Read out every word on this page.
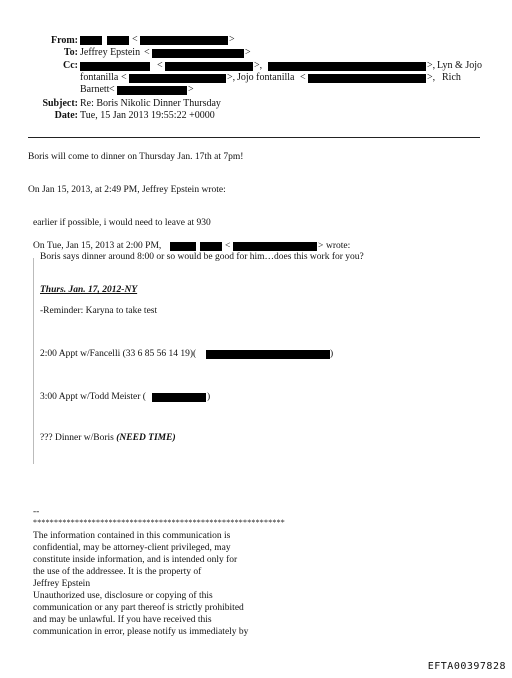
From:	<	>
To: Jeffrey Epstein <	>
Cc:	<	>,	>, Lyn & Jojo
fontanilla <	>, Jojo fontanilla <	>, Rich
Barnett <	>
Subject: Re: Boris Nikolic Dinner Thursday
Date: Tue, 15 Jan 2013 19:55:22 +0000
Boris will come to dinner on Thursday Jan. 17th at 7pm!
On Jan 15, 2013, at 2:49 PM, Jeffrey Epstein wrote:
earlier if possible, i would need to leave at 930
On Tue, Jan 15, 2013 at 2:00 PM,	<	> wrote:
Boris says dinner around 8:00 or so would be good for him…does this work for you?
Thurs. Jan. 17, 2012-NY
-Reminder: Karyna to take test
2:00 Appt w/Fancelli (33 6 85 56 14 19)(	)
3:00 Appt w/Todd Meister (	)
??? Dinner w/Boris (NEED TIME)
--
************************************************************
The information contained in this communication is
confidential, may be attorney-client privileged, may
constitute inside information, and is intended only for
the use of the addressee. It is the property of
Jeffrey Epstein
Unauthorized use, disclosure or copying of this
communication or any part thereof is strictly prohibited
and may be unlawful. If you have received this
communication in error, please notify us immediately by
EFTA00397828
